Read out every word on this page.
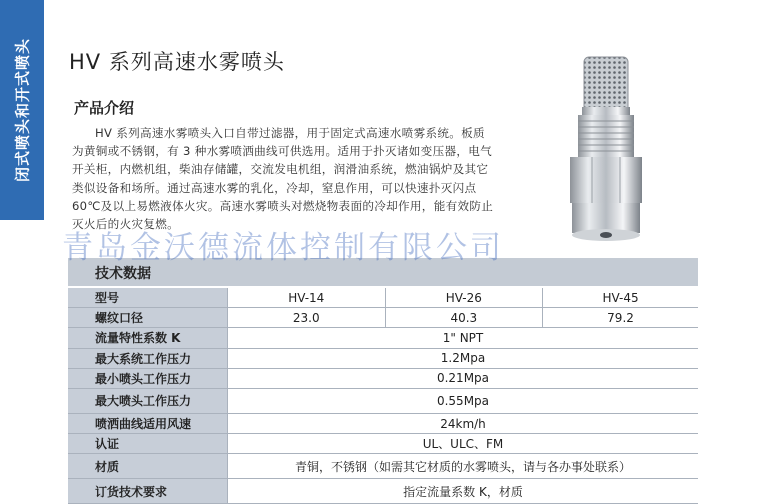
闭式喷头和开式喷头 HV 系列高速水雾喷头
产品介绍
HV 系列高速水雾喷头入口自带过滤器，用于固定式高速水喷雾系统。板质
为黄铜或不锈钢，有 3 种水雾喷洒曲线可供选用。适用于扑灭诸如变压器，电气
开关柜，内燃机组，柴油存储罐，交流发电机组，润滑油系统，燃油锅炉及其它
类似设备和场所。通过高速水雾的乳化，冷却，窒息作用，可以快速扑灭闪点
60℃及以上易燃液体火灾。高速水雾喷头对燃烧物表面的冷却作用，能有效防止
灭火后的火灾复燃。
青岛金沃德流体控制有限公司
技术数据
型号	HV-14	HV-26	HV-45
螺纹口径	23.0	40.3	79.2
流量特性系数 K	1" NPT		
最大系统工作压力	1.2Mpa		
最小喷头工作压力	0.21Mpa		
最大喷头工作压力	0.55Mpa		
喷洒曲线适用风速	24km/h		
认证	UL、ULC、FM		
材质	青铜，不锈钢（如需其它材质的水雾喷头，请与各办事处联系）		
订货技术要求	指定流量系数 K，材质		
